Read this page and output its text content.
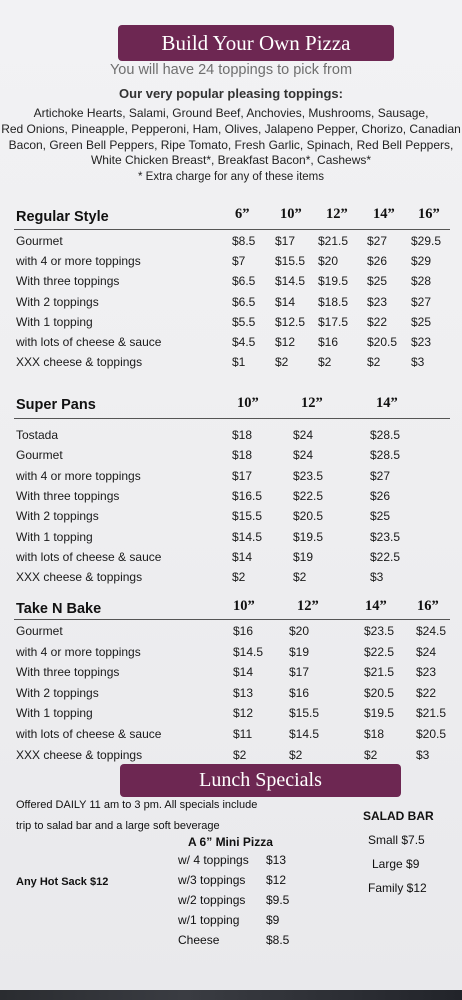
Build Your Own Pizza
You will have 24 toppings to pick from
Our very popular pleasing toppings:
Artichoke Hearts, Salami, Ground Beef, Anchovies, Mushrooms, Sausage,
Red Onions, Pineapple, Pepperoni, Ham, Olives, Jalapeno Pepper, Chorizo, Canadian
Bacon, Green Bell Peppers, Ripe Tomato, Fresh Garlic, Spinach, Red Bell Peppers,
White Chicken Breast*, Breakfast Bacon*, Cashews*
* Extra charge for any of these items
Regular Style	6” 10” 12” 14” 16”
Gourmet	$8.5 $17 $21.5 $27 $29.5
with 4 or more toppings	$7 $15.5 $20 $26 $29
With three toppings	$6.5 $14.5 $19.5 $25 $28
With 2 toppings	$6.5 $14 $18.5 $23 $27
With 1 topping	$5.5 $12.5 $17.5 $22 $25
with lots of cheese & sauce	$4.5 $12 $16 $20.5 $23
XXX cheese & toppings	$1 $2 $2	$2	$3
Super Pans	10”	12”	14”
Tostada	$18	$24	$28.5
Gourmet	$18	$24	$28.5
with 4 or more toppings	$17	$23.5	$27
With three toppings	$16.5	$22.5	$26
With 2 toppings	$15.5	$20.5	$25
With 1 topping	$14.5	$19.5	$23.5
with lots of cheese & sauce	$14	$19	$22.5
XXX cheese & toppings	$2	$2	$3
Take N Bake	10”	12”	14” 16”
Gourmet	$16	$20	$23.5 $24.5
with 4 or more toppings	$14.5 $19	$22.5 $24
With three toppings	$14	$17	$21.5 $23
With 2 toppings	$13	$16	$20.5 $22
With 1 topping	$12	$15.5	$19.5 $21.5
with lots of cheese & sauce	$11	$14.5	$18	$20.5
XXX cheese & toppings	$2	$2	$2	$3
Lunch Specials
Offered DAILY 11 am to 3 pm. All specials include
trip to salad bar and a large soft beverage
Any Hot Sack $12
A 6” Mini Pizza
w/ 4 toppings $13
w/3 toppings $12
w/2 toppings $9.5
w/1 topping $9
Cheese	$8.5
SALAD BAR
Small $7.5
Large $9
Family $12
